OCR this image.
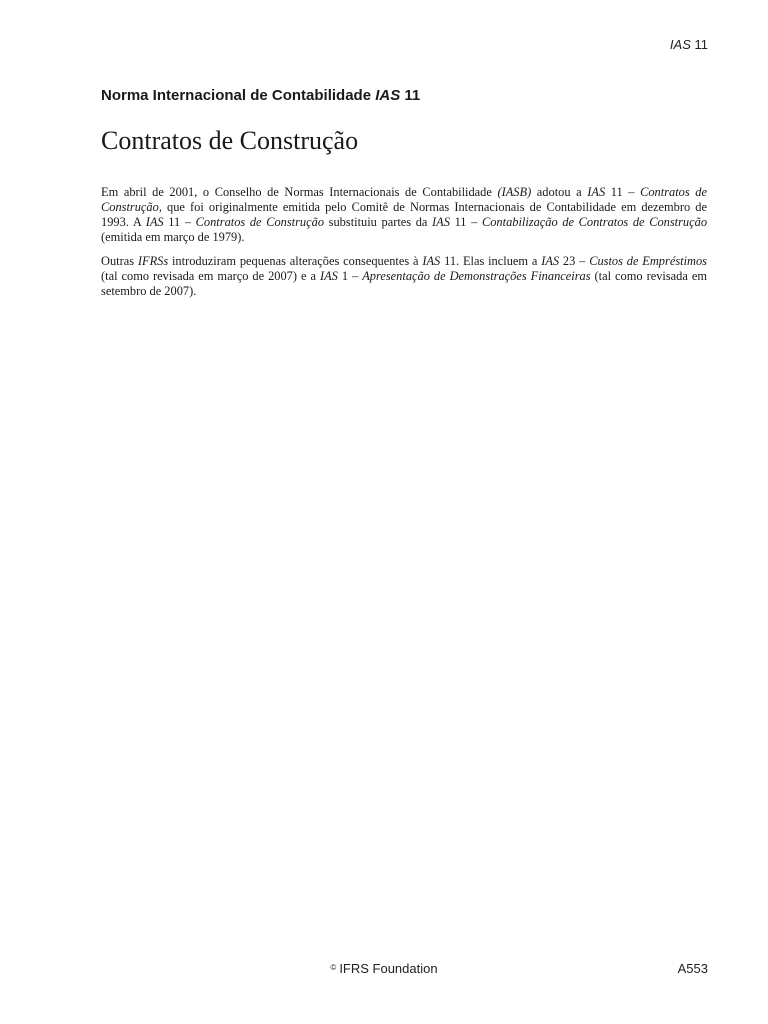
IAS 11
Norma Internacional de Contabilidade IAS 11
Contratos de Construção

Em abril de 2001, o Conselho de Normas Internacionais de Contabilidade (IASB) adotou a IAS 11 – Contratos de Construção, que foi originalmente emitida pelo Comitê de Normas Internacionais de Contabilidade em dezembro de 1993. A IAS 11 – Contratos de Construção substituiu partes da IAS 11 – Contabilização de Contratos de Construção (emitida em março de 1979).

Outras IFRSs introduziram pequenas alterações consequentes à IAS 11. Elas incluem a IAS 23 – Custos de Empréstimos (tal como revisada em março de 2007) e a IAS 1 – Apresentação de Demonstrações Financeiras (tal como revisada em setembro de 2007).

© IFRS Foundation	A553
